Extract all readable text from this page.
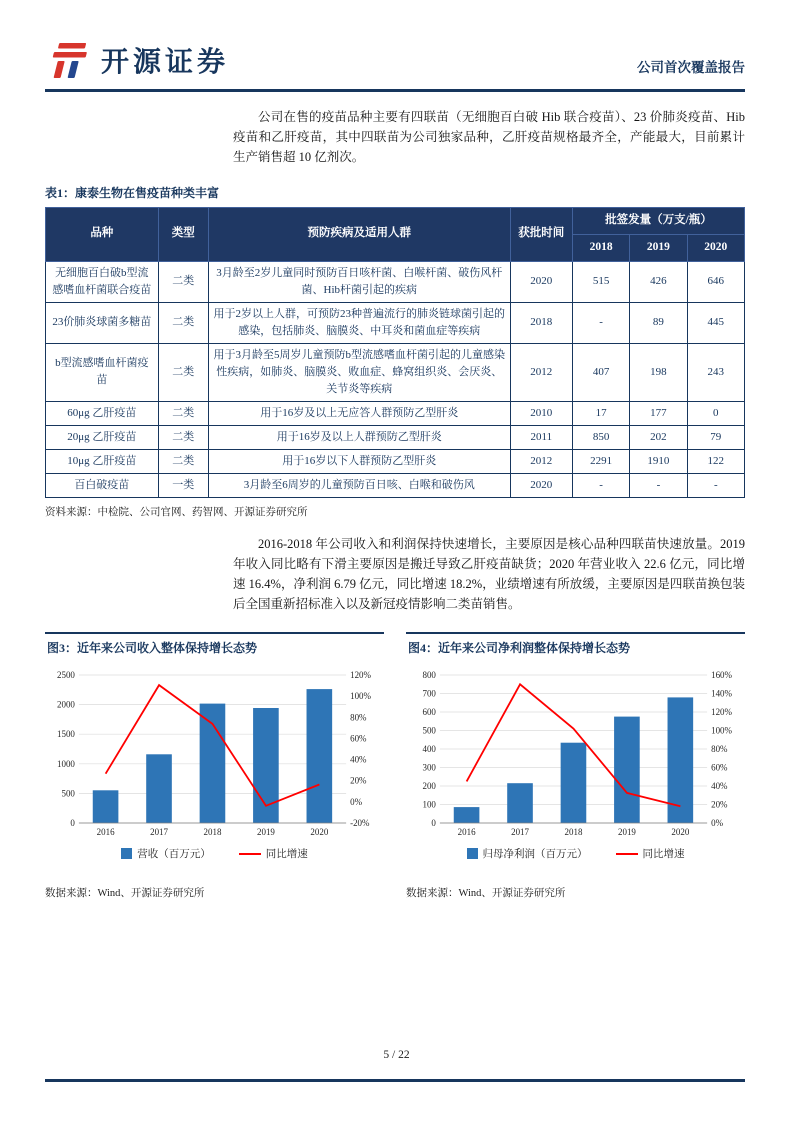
开源证券	公司首次覆盖报告

公司在售的疫苗品种主要有四联苗（无细胞百白破 Hib 联合疫苗）、23 价肺炎疫苗、Hib 疫苗和乙肝疫苗，其中四联苗为公司独家品种，乙肝疫苗规格最齐全，产能最大，目前累计生产销售超 10 亿剂次。

表1：康泰生物在售疫苗种类丰富
品种	类型	预防疾病及适用人群	获批时间	批签发量（万支/瓶）		
				2018	2019	2020
无细胞百白破b型流感嗜血杆菌联合疫苗	二类	3月龄至2岁儿童同时预防百日咳杆菌、白喉杆菌、破伤风杆菌、Hib杆菌引起的疾病	2020	515	426	646
23价肺炎球菌多糖苗	二类	用于2岁以上人群，可预防23种普遍流行的肺炎链球菌引起的感染，包括肺炎、脑膜炎、中耳炎和菌血症等疾病	2018	-	89	445
b型流感嗜血杆菌疫苗	二类	用于3月龄至5周岁儿童预防b型流感嗜血杆菌引起的儿童感染性疾病，如肺炎、脑膜炎、败血症、蜂窝组织炎、会厌炎、关节炎等疾病	2012	407	198	243
60μg 乙肝疫苗	二类	用于16岁及以上无应答人群预防乙型肝炎	2010	17	177	0
20μg 乙肝疫苗	二类	用于16岁及以上人群预防乙型肝炎	2011	850	202	79
10μg 乙肝疫苗	二类	用于16岁以下人群预防乙型肝炎	2012	2291	1910	122
百白破疫苗	一类	3月龄至6周岁的儿童预防百日咳、白喉和破伤风	2020	-	-	-
资料来源：中检院、公司官网、药智网、开源证券研究所

2016-2018 年公司收入和利润保持快速增长，主要原因是核心品种四联苗快速放量。2019 年收入同比略有下滑主要原因是搬迁导致乙肝疫苗缺货；2020 年营业收入 22.6 亿元，同比增速 16.4%，净利润 6.79 亿元，同比增速 18.2%，业绩增速有所放缓，主要原因是四联苗换包装后全国重新招标准入以及新冠疫情影响二类苗销售。

图3：近年来公司收入整体保持增长态势
0
500
1000
1500
2000
2500
-20%
0%
20%
40%
60%
80%
100%
120%
2016	2017	2018	2019	2020
营收（百万元）	同比增速
数据来源：Wind、开源证券研究所
图4：近年来公司净利润整体保持增长态势
0
100
200
300
400
500
600
700
800
0%
20%
40%
60%
80%
100%
120%
140%
160%
2016	2017	2018	2019	2020
归母净利润（百万元）	同比增速
数据来源：Wind、开源证券研究所
5 / 22
